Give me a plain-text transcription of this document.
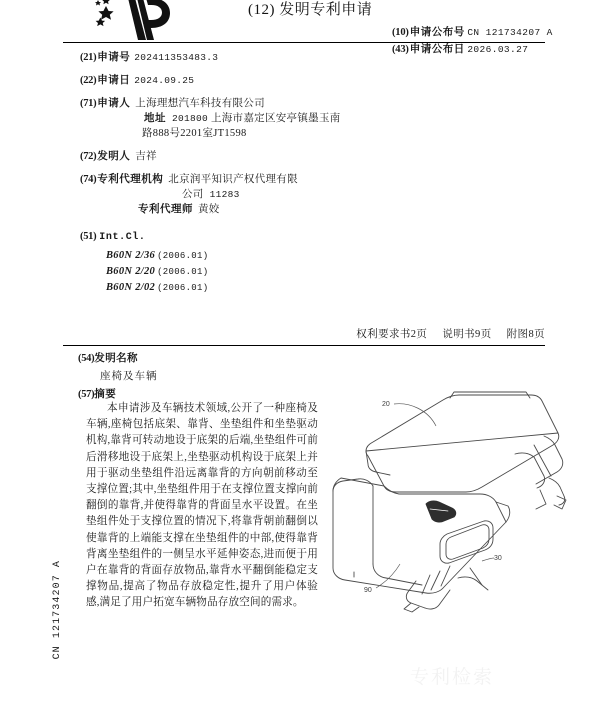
(12) 发明专利申请
(10)申请公布号 CN 121734207 A
(43)申请公布日 2026.03.27
(21)申请号 202411353483.3
(22)申请日 2024.09.25
(71)申请人 上海理想汽车科技有限公司
地址 201800 上海市嘉定区安亭镇墨玉南
路888号2201室JT1598
(72)发明人 吉祥
(74)专利代理机构 北京润平知识产权代理有限
公司 11283
专利代理师 黄姣
(51) Int.Cl.
B60N 2/36 (2006.01)
B60N 2/20 (2006.01)
B60N 2/02 (2006.01)
权利要求书2页 说明书9页 附图8页
(54)发明名称
座椅及车辆
(57)摘要
本申请涉及车辆技术领域,公开了一种座椅及车辆,座椅包括底架、靠背、坐垫组件和坐垫驱动机构,靠背可转动地设于底架的后端,坐垫组件可前后滑移地设于底架上,坐垫驱动机构设于底架上并用于驱动坐垫组件沿远离靠背的方向朝前移动至支撑位置;其中,坐垫组件用于在支撑位置支撑向前翻倒的靠背,并使得靠背的背面呈水平设置。在坐垫组件处于支撑位置的情况下,将靠背朝前翻倒以使靠背的上端能支撑在坐垫组件的中部,使得靠背背离坐垫组件的一侧呈水平延伸姿态,进而便于用户在靠背的背面存放物品,靠背水平翻倒能稳定支撑物品,提高了物品存放稳定性,提升了用户体验感,满足了用户拓宽车辆物品存放空间的需求。
CN 121734207 A
20
30
90
专利检索
